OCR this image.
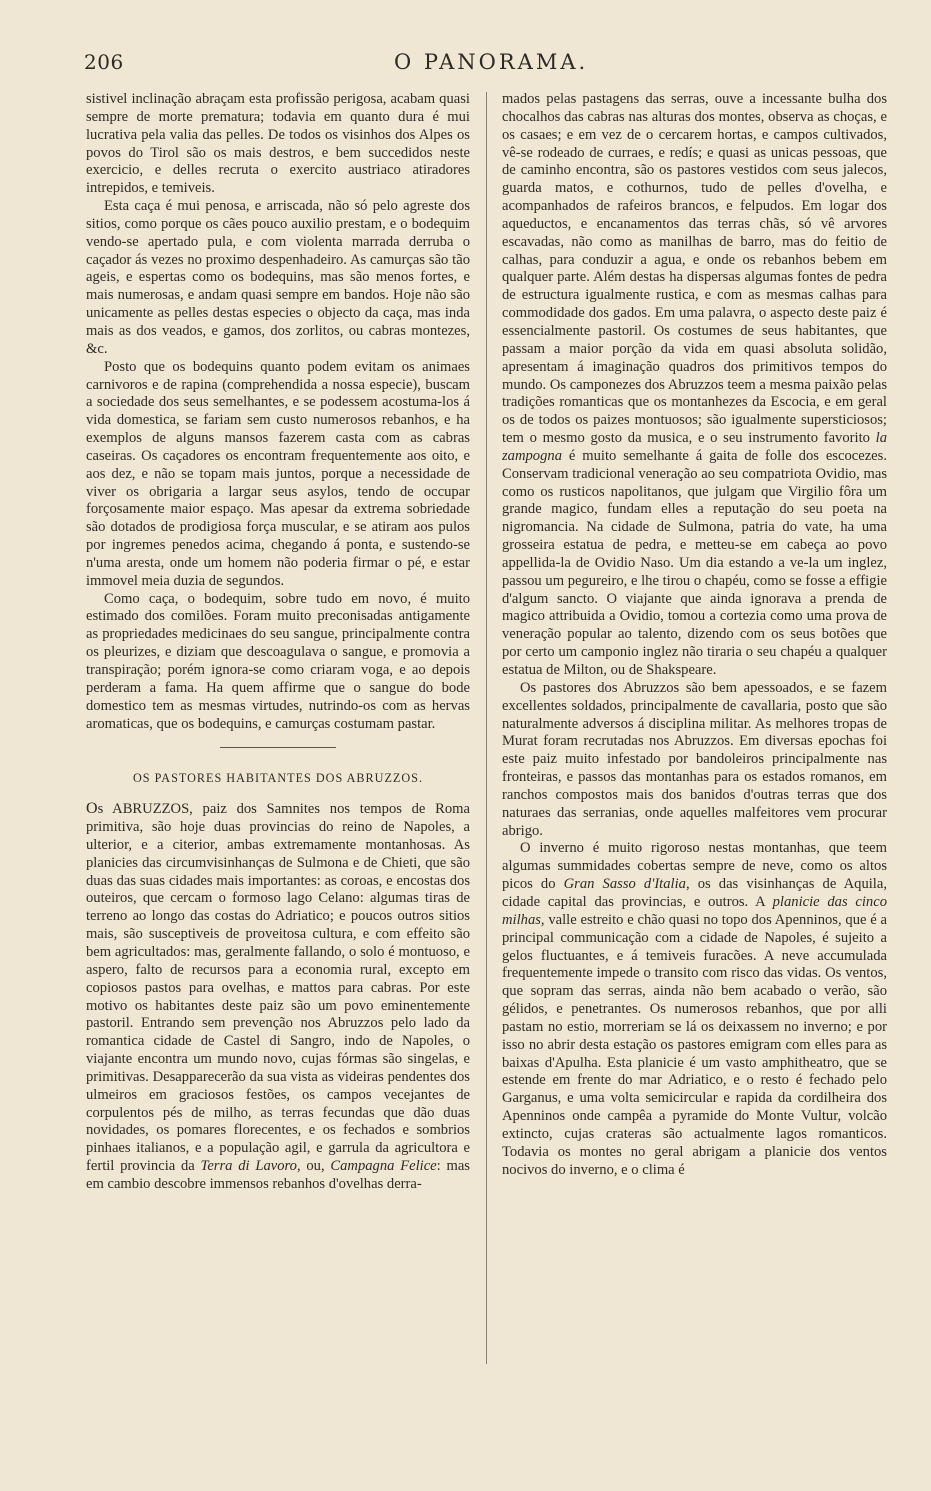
206	O PANORAMA.

sistivel inclinação abraçam esta profissão perigosa, acabam quasi sempre de morte prematura; todavia em quanto dura é mui lucrativa pela valia das pelles. De todos os visinhos dos Alpes os povos do Tirol são os mais destros, e bem succedidos neste exercicio, e delles recruta o exercito austriaco atiradores intrepidos, e temiveis.

Esta caça é mui penosa, e arriscada, não só pelo agreste dos sitios, como porque os cães pouco auxilio prestam, e o bodequim vendo-se apertado pula, e com violenta marrada derruba o caçador ás vezes no proximo despenhadeiro. As camurças são tão ageis, e espertas como os bodequins, mas são menos fortes, e mais numerosas, e andam quasi sempre em bandos. Hoje não são unicamente as pelles destas especies o objecto da caça, mas inda mais as dos veados, e gamos, dos zorlitos, ou cabras montezes, &c.

Posto que os bodequins quanto podem evitam os animaes carnivoros e de rapina (comprehendida a nossa especie), buscam a sociedade dos seus semelhantes, e se podessem acostuma-los á vida domestica, se fariam sem custo numerosos rebanhos, e ha exemplos de alguns mansos fazerem casta com as cabras caseiras. Os caçadores os encontram frequentemente aos oito, e aos dez, e não se topam mais juntos, porque a necessidade de viver os obrigaria a largar seus asylos, tendo de occupar forçosamente maior espaço. Mas apesar da extrema sobriedade são dotados de prodigiosa força muscular, e se atiram aos pulos por ingremes penedos acima, chegando á ponta, e sustendo-se n'uma aresta, onde um homem não poderia firmar o pé, e estar immovel meia duzia de segundos.

Como caça, o bodequim, sobre tudo em novo, é muito estimado dos comilões. Foram muito preconisadas antigamente as propriedades medicinaes do seu sangue, principalmente contra os pleurizes, e diziam que descoagulava o sangue, e promovia a transpiração; porém ignora-se como criaram voga, e ao depois perderam a fama. Ha quem affirme que o sangue do bode domestico tem as mesmas virtudes, nutrindo-os com as hervas aromaticas, que os bodequins, e camurças costumam pastar.

OS PASTORES HABITANTES DOS ABRUZZOS.

Os ABRUZZOS, paiz dos Samnites nos tempos de Roma primitiva, são hoje duas provincias do reino de Napoles, a ulterior, e a citerior, ambas extremamente montanhosas. As planicies das circumvisinhanças de Sulmona e de Chieti, que são duas das suas cidades mais importantes: as coroas, e encostas dos outeiros, que cercam o formoso lago Celano: algumas tiras de terreno ao longo das costas do Adriatico; e poucos outros sitios mais, são susceptiveis de proveitosa cultura, e com effeito são bem agricultados: mas, geralmente fallando, o solo é montuoso, e aspero, falto de recursos para a economia rural, excepto em copiosos pastos para ovelhas, e mattos para cabras. Por este motivo os habitantes deste paiz são um povo eminentemente pastoril. Entrando sem prevenção nos Abruzzos pelo lado da romantica cidade de Castel di Sangro, indo de Napoles, o viajante encontra um mundo novo, cujas fórmas são singelas, e primitivas. Desapparecerão da sua vista as videiras pendentes dos ulmeiros em graciosos festões, os campos vecejantes de corpulentos pés de milho, as terras fecundas que dão duas novidades, os pomares florecentes, e os fechados e sombrios pinhaes italianos, e a população agil, e garrula da agricultora e fertil provincia da Terra di Lavoro, ou, Campagna Felice: mas em cambio descobre immensos rebanhos d'ovelhas derra-

mados pelas pastagens das serras, ouve a incessante bulha dos chocalhos das cabras nas alturas dos montes, observa as choças, e os casaes; e em vez de o cercarem hortas, e campos cultivados, vê-se rodeado de currаes, e redís; e quasi as unicas pessoas, que de caminho encontra, são os pastores vestidos com seus jalecos, guarda matos, e cothurnos, tudo de pelles d'ovelha, e acompanhados de rafeiros brancos, e felpudos. Em logar dos aqueductos, e encanamentos das terras chãs, só vê arvores escavadas, não como as manilhas de barro, mas do feitio de calhas, para conduzir a agua, e onde os rebanhos bebem em qualquer parte. Além destas ha dispersas algumas fontes de pedra de estructura igualmente rustica, e com as mesmas calhas para commodidade dos gados. Em uma palavra, o aspecto deste paiz é essencialmente pastoril. Os costumes de seus habitantes, que passam a maior porção da vida em quasi absoluta solidão, apresentam á imaginação quadros dos primitivos tempos do mundo. Os camponezes dos Abruzzos teem a mesma paixão pelas tradições romanticas que os montanhezes da Escocia, e em geral os de todos os paizes montuosos; são igualmente supersticiosos; tem o mesmo gosto da musica, e o seu instrumento favorito la zampogna é muito semelhante á gaita de folle dos escocezes. Conservam tradicional veneração ao seu compatriota Ovidio, mas como os rusticos napolitanos, que julgam que Virgilio fôra um grande magico, fundam elles a reputação do seu poeta na nigromancia. Na cidade de Sulmona, patria do vate, ha uma grosseira estatua de pedra, e metteu-se em cabeça ao povo appellida-la de Ovidio Naso. Um dia estando a ve-la um inglez, passou um pegureiro, e lhe tirou o chapéu, como se fosse a effigie d'algum sancto. O viajante que ainda ignorava a prenda de magico attribuida a Ovidio, tomou a cortezia como uma prova de veneração popular ao talento, dizendo com os seus botões que por certo um camponio inglez não tiraria o seu chapéu a qualquer estatua de Milton, ou de Shakspeare.

Os pastores dos Abruzzos são bem apessoados, e se fazem excellentes soldados, principalmente de cavallaria, posto que são naturalmente adversos á disciplina militar. As melhores tropas de Murat foram recrutadas nos Abruzzos. Em diversas epochas foi este paiz muito infestado por bandoleiros principalmente nas fronteiras, e passos das montanhas para os estados romanos, em ranchos compostos mais dos banidos d'outras terras que dos naturaes das serranias, onde aquelles malfeitores vem procurar abrigo.

O inverno é muito rigoroso nestas montanhas, que teem algumas summidades cobertas sempre de neve, como os altos picos do Gran Sasso d'Italia, os das visinhanças de Aquila, cidade capital das provincias, e outros. A planicie das cinco milhas, valle estreito e chão quasi no topo dos Apenninos, que é a principal communicação com a cidade de Napoles, é sujeito a gelos fluctuantes, e á temiveis furacões. A neve accumulada frequentemente impede o transito com risco das vidas. Os ventos, que sopram das serras, ainda não bem acabado o verão, são gélidos, e penetrantes. Os numerosos rebanhos, que por alli pastam no estio, morreriam se lá os deixassem no inverno; e por isso no abrir desta estação os pastores emigram com elles para as baixas d'Apulha. Esta planicie é um vasto amphitheatro, que se estende em frente do mar Adriatico, e o resto é fechado pelo Garganus, e uma volta semicircular e rapida da cordilheira dos Apenninos onde campêa a pyramide do Monte Vultur, volcão extincto, cujas crateras são actualmente lagos romanticos. Todavia os montes no geral abrigam a planicie dos ventos nocivos do inverno, e o clima é
